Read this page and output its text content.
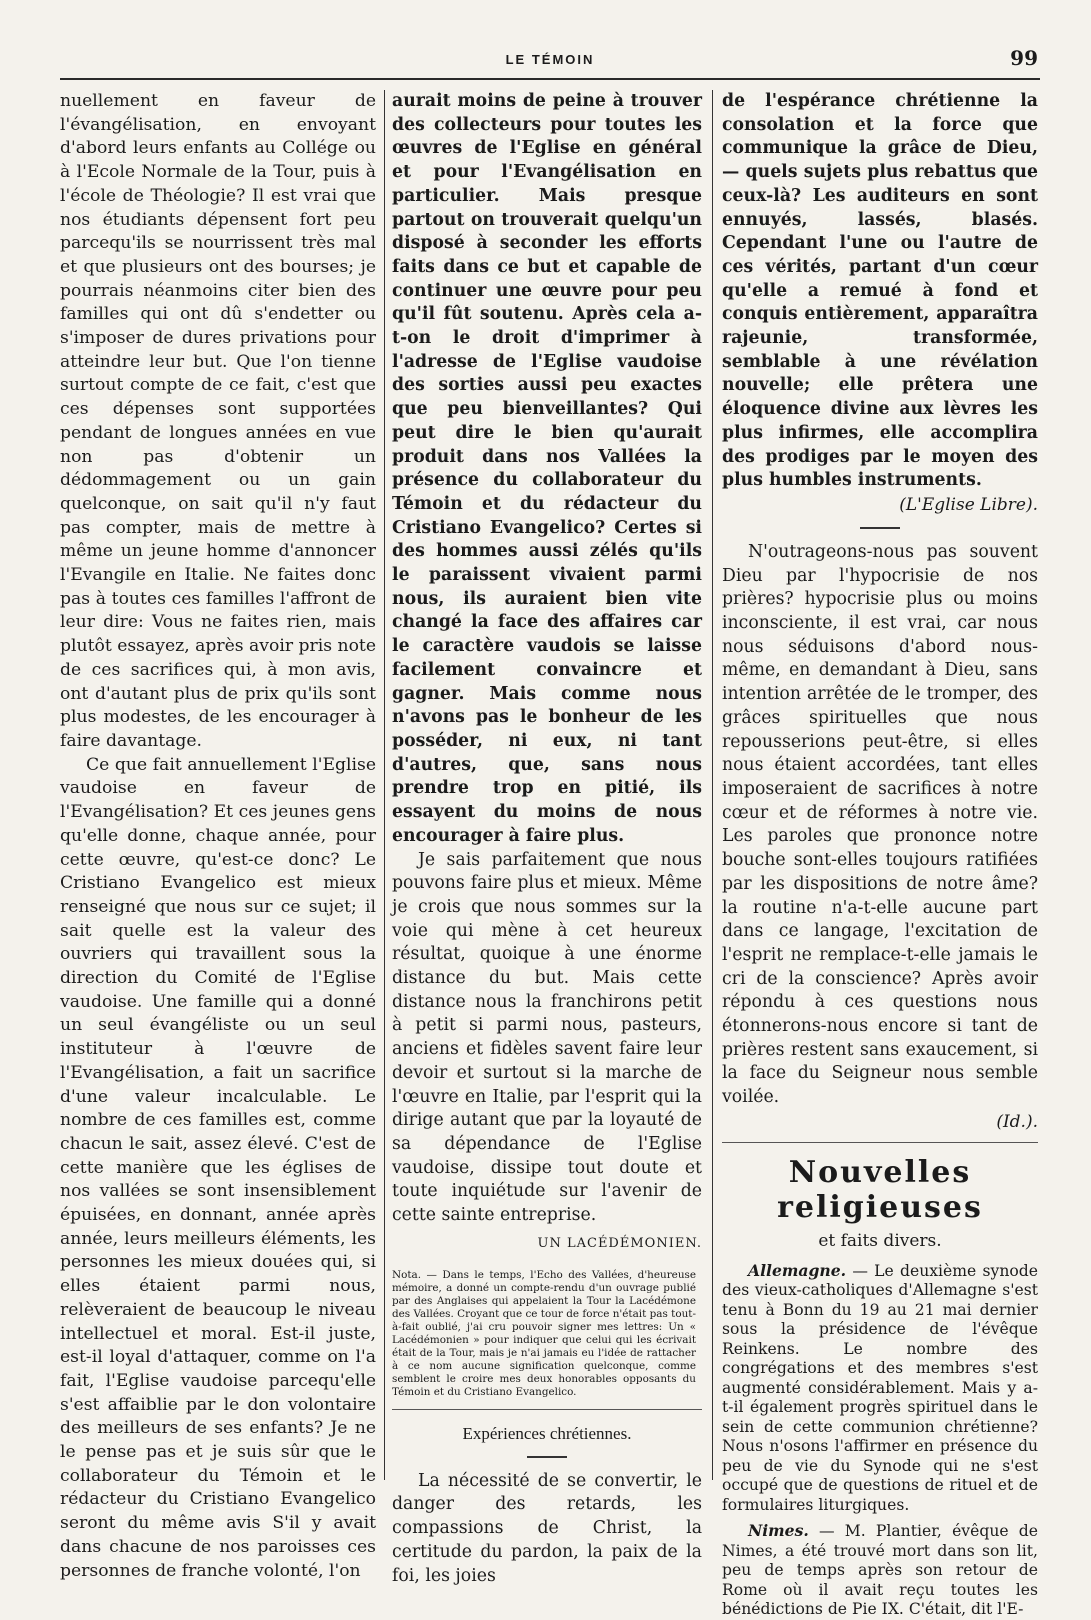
LE TÉMOIN	99

nuellement en faveur de l'évangélisation, en envoyant d'abord leurs enfants au Collége ou à l'Ecole Normale de la Tour, puis à l'école de Théologie? Il est vrai que nos étudiants dépensent fort peu parcequ'ils se nourrissent très mal et que plusieurs ont des bourses; je pourrais néanmoins citer bien des familles qui ont dû s'endetter ou s'imposer de dures privations pour atteindre leur but. Que l'on tienne surtout compte de ce fait, c'est que ces dépenses sont supportées pendant de longues années en vue non pas d'obtenir un dédommagement ou un gain quelconque, on sait qu'il n'y faut pas compter, mais de mettre à même un jeune homme d'annoncer l'Evangile en Italie. Ne faites donc pas à toutes ces familles l'affront de leur dire: Vous ne faites rien, mais plutôt essayez, après avoir pris note de ces sacrifices qui, à mon avis, ont d'autant plus de prix qu'ils sont plus modestes, de les encourager à faire davantage.

Ce que fait annuellement l'Eglise vaudoise en faveur de l'Evangélisation? Et ces jeunes gens qu'elle donne, chaque année, pour cette œuvre, qu'est-ce donc? Le Cristiano Evangelico est mieux renseigné que nous sur ce sujet; il sait quelle est la valeur des ouvriers qui travaillent sous la direction du Comité de l'Eglise vaudoise. Une famille qui a donné un seul évangéliste ou un seul instituteur à l'œuvre de l'Evangélisation, a fait un sacrifice d'une valeur incalculable. Le nombre de ces familles est, comme chacun le sait, assez élevé. C'est de cette manière que les églises de nos vallées se sont insensiblement épuisées, en donnant, année après année, leurs meilleurs éléments, les personnes les mieux douées qui, si elles étaient parmi nous, relèveraient de beaucoup le niveau intellectuel et moral. Est-il juste, est-il loyal d'attaquer, comme on l'a fait, l'Eglise vaudoise parcequ'elle s'est affaiblie par le don volontaire des meilleurs de ses enfants? Je ne le pense pas et je suis sûr que le collaborateur du Témoin et le rédacteur du Cristiano Evangelico seront du même avis S'il y avait dans chacune de nos paroisses ces personnes de franche volonté, l'on

aurait moins de peine à trouver des collecteurs pour toutes les œuvres de l'Eglise en général et pour l'Evangélisation en particulier. Mais presque partout on trouverait quelqu'un disposé à seconder les efforts faits dans ce but et capable de continuer une œuvre pour peu qu'il fût soutenu. Après cela a-t-on le droit d'imprimer à l'adresse de l'Eglise vaudoise des sorties aussi peu exactes que peu bienveillantes? Qui peut dire le bien qu'aurait produit dans nos Vallées la présence du collaborateur du Témoin et du rédacteur du Cristiano Evangelico? Certes si des hommes aussi zélés qu'ils le paraissent vivaient parmi nous, ils auraient bien vite changé la face des affaires car le caractère vaudois se laisse facilement convaincre et gagner. Mais comme nous n'avons pas le bonheur de les posséder, ni eux, ni tant d'autres, que, sans nous prendre trop en pitié, ils essayent du moins de nous encourager à faire plus.

Je sais parfaitement que nous pouvons faire plus et mieux. Même je crois que nous sommes sur la voie qui mène à cet heureux résultat, quoique à une énorme distance du but. Mais cette distance nous la franchirons petit à petit si parmi nous, pasteurs, anciens et fidèles savent faire leur devoir et surtout si la marche de l'œuvre en Italie, par l'esprit qui la dirige autant que par la loyauté de sa dépendance de l'Eglise vaudoise, dissipe tout doute et toute inquiétude sur l'avenir de cette sainte entreprise.

UN LACÉDÉMONIEN.
Nota. — Dans le temps, l'Echo des Vallées, d'heureuse mémoire, a donné un compte-rendu d'un ouvrage publié par des Anglaises qui appelaient la Tour la Lacédémone des Vallées. Croyant que ce tour de force n'était pas tout-à-fait oublié, j'ai cru pouvoir signer mes lettres: Un « Lacédémonien » pour indiquer que celui qui les écrivait était de la Tour, mais je n'ai jamais eu l'idée de rattacher à ce nom aucune signification quelconque, comme semblent le croire mes deux honorables opposants du Témoin et du Cristiano Evangelico.
Expériences chrétiennes.

La nécessité de se convertir, le danger des retards, les compassions de Christ, la certitude du pardon, la paix de la foi, les joies

de l'espérance chrétienne la consolation et la force que communique la grâce de Dieu, — quels sujets plus rebattus que ceux-là? Les auditeurs en sont ennuyés, lassés, blasés. Cependant l'une ou l'autre de ces vérités, partant d'un cœur qu'elle a remué à fond et conquis entièrement, apparaîtra rajeunie, transformée, semblable à une révélation nouvelle; elle prêtera une éloquence divine aux lèvres les plus infirmes, elle accomplira des prodiges par le moyen des plus humbles instruments.

(L'Eglise Libre).

N'outrageons-nous pas souvent Dieu par l'hypocrisie de nos prières? hypocrisie plus ou moins inconsciente, il est vrai, car nous nous séduisons d'abord nous-même, en demandant à Dieu, sans intention arrêtée de le tromper, des grâces spirituelles que nous repousserions peut-être, si elles nous étaient accordées, tant elles imposeraient de sacrifices à notre cœur et de réformes à notre vie. Les paroles que prononce notre bouche sont-elles toujours ratifiées par les dispositions de notre âme? la routine n'a-t-elle aucune part dans ce langage, l'excitation de l'esprit ne remplace-t-elle jamais le cri de la conscience? Après avoir répondu à ces questions nous étonnerons-nous encore si tant de prières restent sans exaucement, si la face du Seigneur nous semble voilée.

(Id.).
Nouvelles religieuses
et faits divers.

Allemagne. — Le deuxième synode des vieux-catholiques d'Allemagne s'est tenu à Bonn du 19 au 21 mai dernier sous la présidence de l'évêque Reinkens. Le nombre des congrégations et des membres s'est augmenté considérablement. Mais y a-t-il également progrès spirituel dans le sein de cette communion chrétienne? Nous n'osons l'affirmer en présence du peu de vie du Synode qui ne s'est occupé que de questions de rituel et de formulaires liturgiques.

Nimes. — M. Plantier, évêque de Nimes, a été trouvé mort dans son lit, peu de temps après son retour de Rome où il avait reçu toutes les bénédictions de Pie IX. C'était, dit l'E-
